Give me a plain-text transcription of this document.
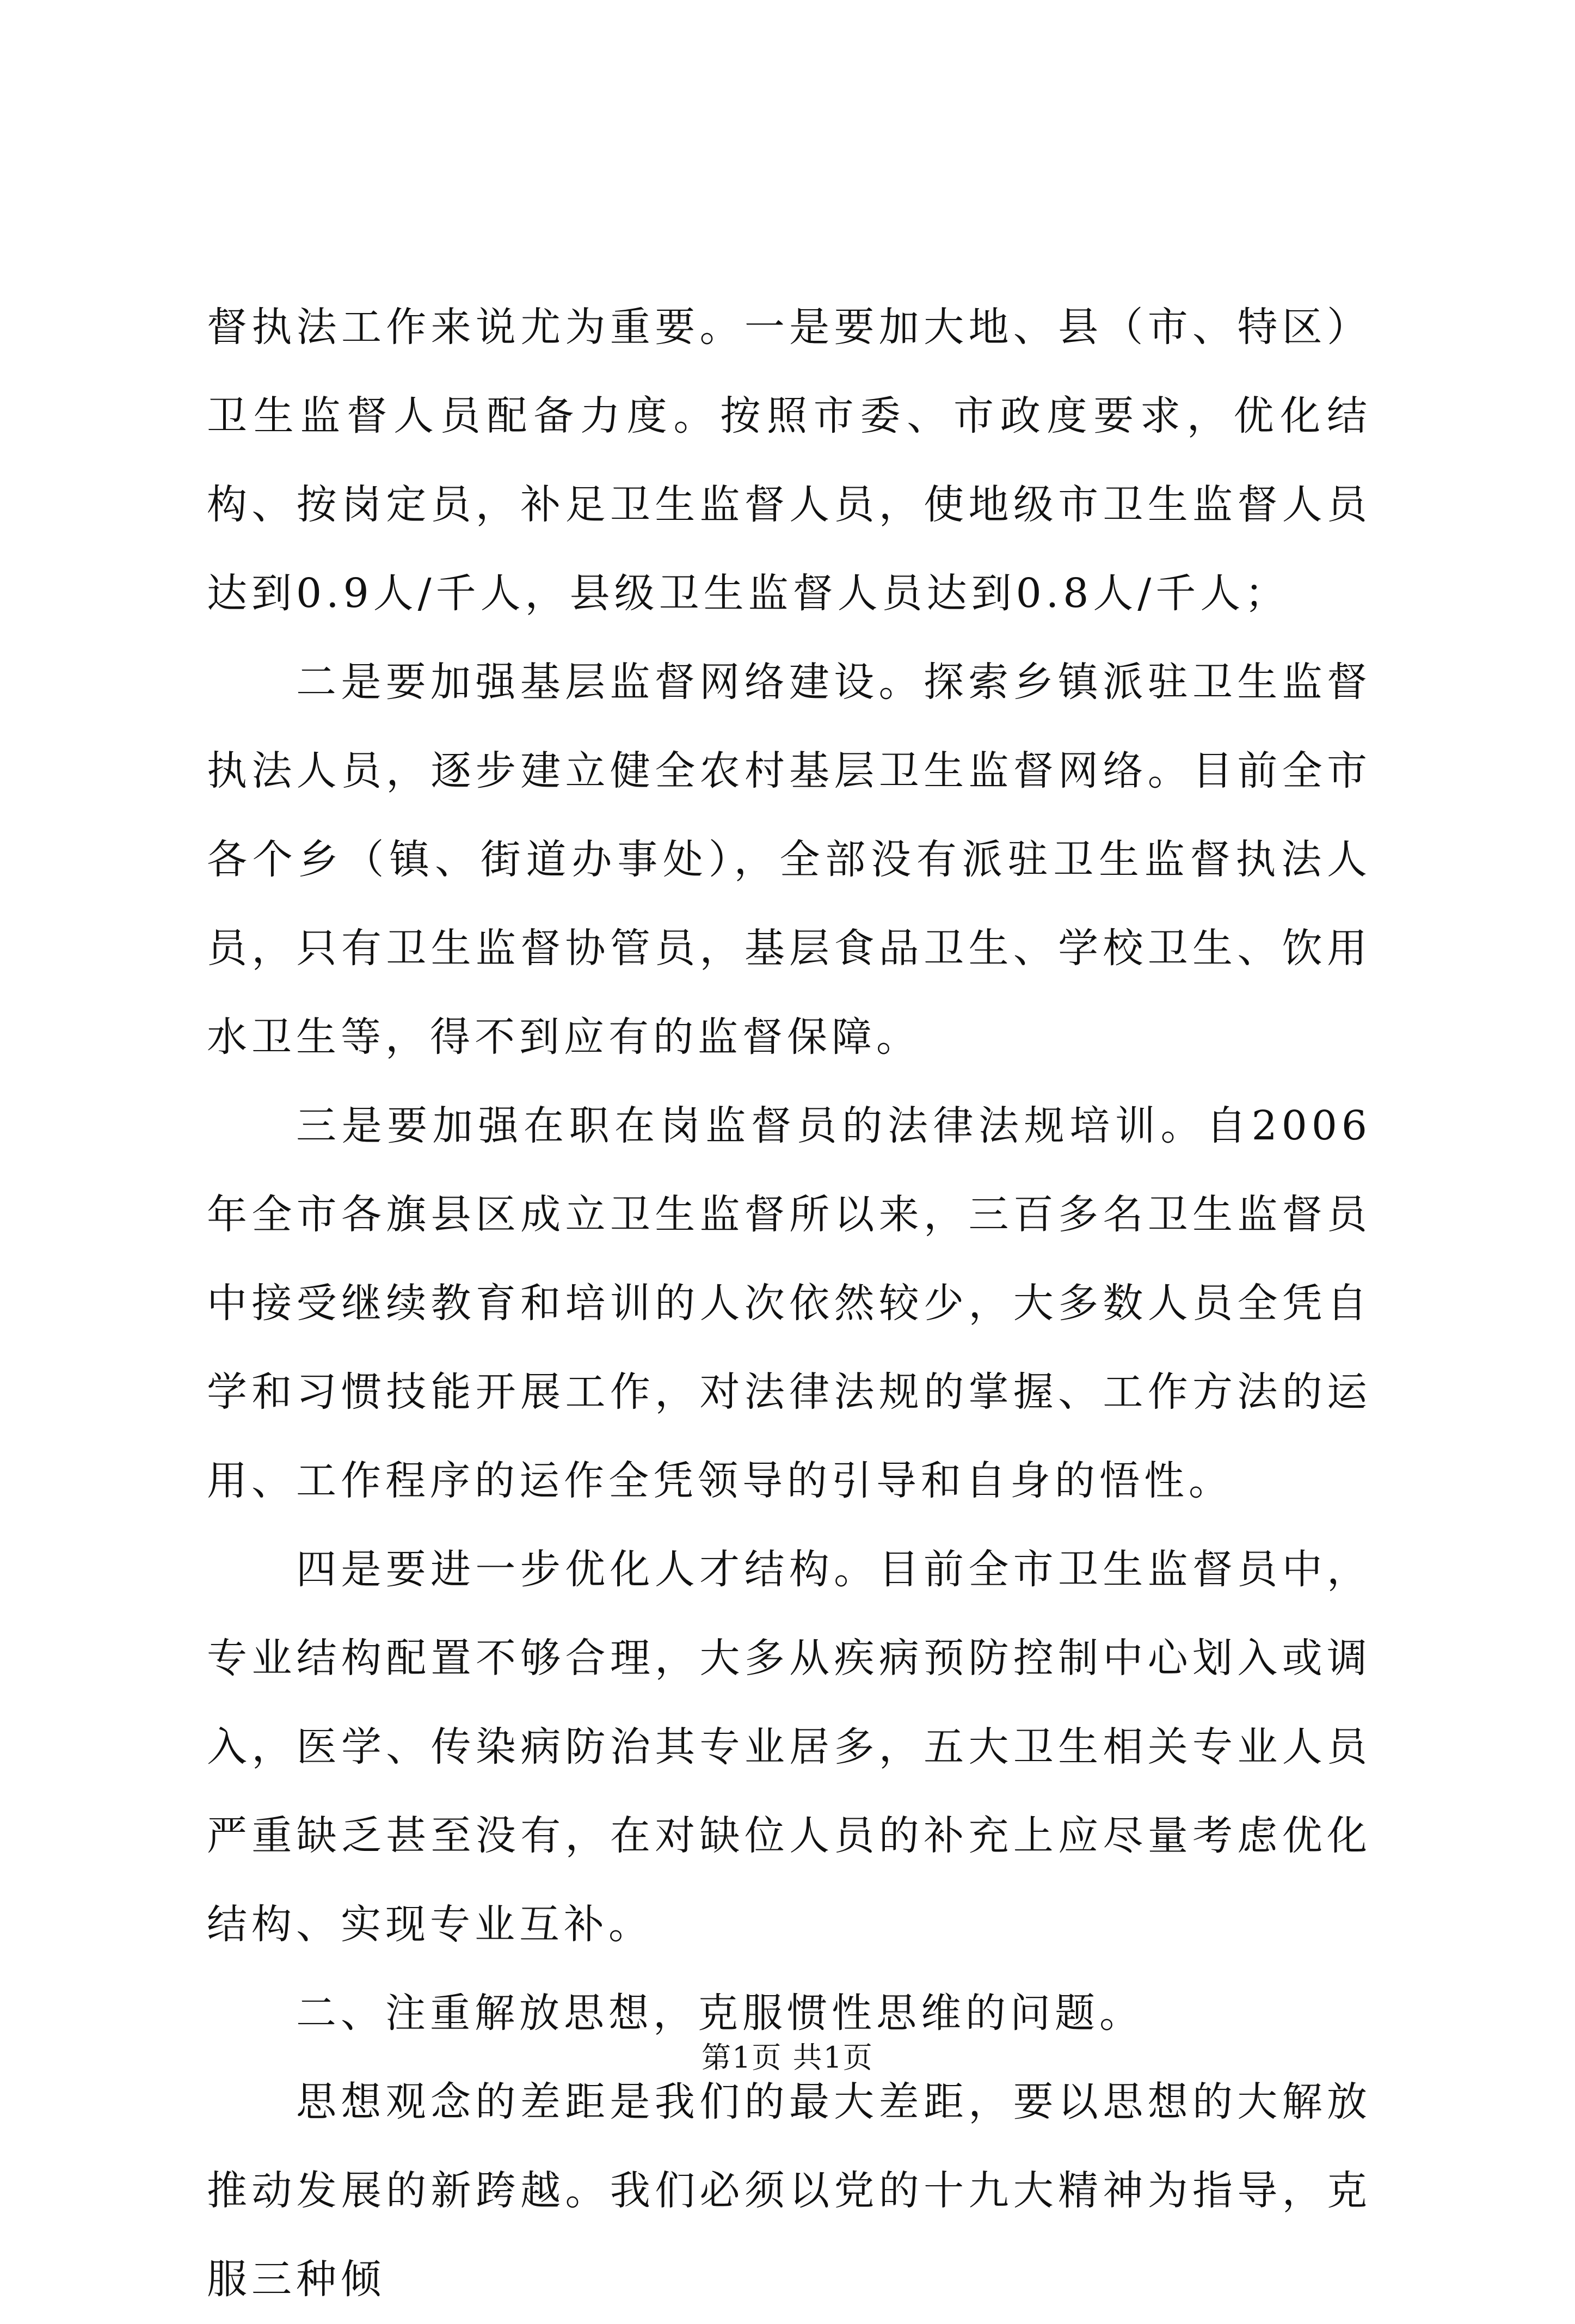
督执法工作来说尤为重要。一是要加大地、县（市、特区）卫生监督人员配备力度。按照市委、市政度要求，优化结构、按岗定员，补足卫生监督人员，使地级市卫生监督人员达到0.9人/千人，县级卫生监督人员达到0.8人/千人；

二是要加强基层监督网络建设。探索乡镇派驻卫生监督执法人员，逐步建立健全农村基层卫生监督网络。目前全市各个乡（镇、街道办事处），全部没有派驻卫生监督执法人员，只有卫生监督协管员，基层食品卫生、学校卫生、饮用水卫生等，得不到应有的监督保障。

三是要加强在职在岗监督员的法律法规培训。自2006年全市各旗县区成立卫生监督所以来，三百多名卫生监督员中接受继续教育和培训的人次依然较少，大多数人员全凭自学和习惯技能开展工作，对法律法规的掌握、工作方法的运用、工作程序的运作全凭领导的引导和自身的悟性。

四是要进一步优化人才结构。目前全市卫生监督员中，专业结构配置不够合理，大多从疾病预防控制中心划入或调入，医学、传染病防治其专业居多，五大卫生相关专业人员严重缺乏甚至没有，在对缺位人员的补充上应尽量考虑优化结构、实现专业互补。

二、注重解放思想，克服惯性思维的问题。

思想观念的差距是我们的最大差距，要以思想的大解放推动发展的新跨越。我们必须以党的十九大精神为指导，克服三种倾

第1页 共1页
